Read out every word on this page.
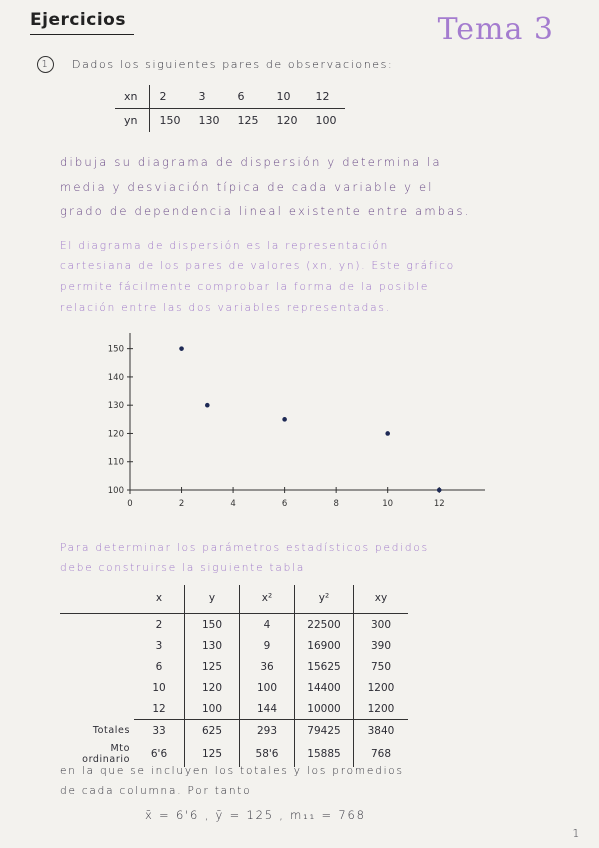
Ejercicios	Tema 3
1	Dados los siguientes pares de observaciones:
xn	2	3	6	10	12
yn	150	130	125	120	100
dibuja su diagrama de dispersión y determina la
media y desviación típica de cada variable y el
grado de dependencia lineal existente entre ambas.
El diagrama de dispersión es la representación
cartesiana de los pares de valores (xn, yn). Este gráfico
permite fácilmente comprobar la forma de la posible
relación entre las dos variables representadas.
100
110
120
130
140
150
0	2	4	6	8	10	12
Para determinar los parámetros estadísticos pedidos
debe construirse la siguiente tabla
	x	y	x²	y²	xy
	2	150	4	22500	300
	3	130	9	16900	390
	6	125	36	15625	750
	10	120	100	14400	1200
	12	100	144	10000	1200
Totales	33	625	293	79425	3840
Mto ordinario	6'6	125	58'6	15885	768
en la que se incluyen los totales y los promedios
de cada columna. Por tanto
x̄ = 6'6 , ȳ = 125 , m₁₁ = 768
1
